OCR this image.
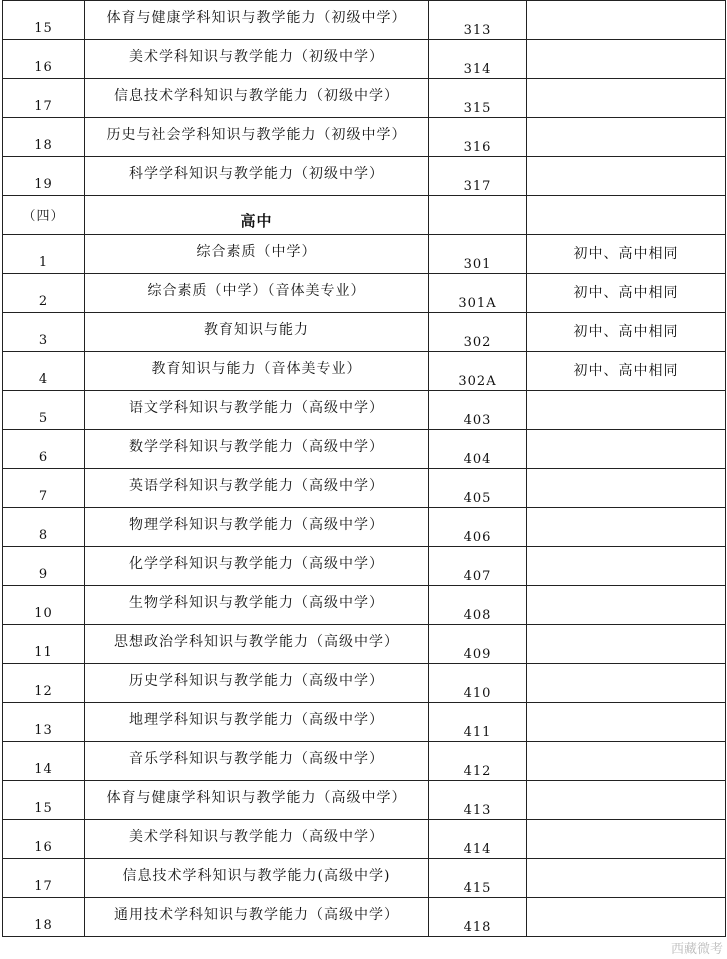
15	体育与健康学科知识与教学能力（初级中学）	313	

16	美术学科知识与教学能力（初级中学）	314	

17	信息技术学科知识与教学能力（初级中学）	315	

18	历史与社会学科知识与教学能力（初级中学）	316	

19	科学学科知识与教学能力（初级中学）	317	

（四）	高中		

1	综合素质（中学）	301	初中、高中相同

2	综合素质（中学）（音体美专业）	301A	初中、高中相同

3	教育知识与能力	302	初中、高中相同

4	教育知识与能力（音体美专业）	302A	初中、高中相同

5	语文学科知识与教学能力（高级中学）	403	

6	数学学科知识与教学能力（高级中学）	404	

7	英语学科知识与教学能力（高级中学）	405	

8	物理学科知识与教学能力（高级中学）	406	

9	化学学科知识与教学能力（高级中学）	407	

10	生物学科知识与教学能力（高级中学）	408	

11	思想政治学科知识与教学能力（高级中学）	409	

12	历史学科知识与教学能力（高级中学）	410	

13	地理学科知识与教学能力（高级中学）	411	

14	音乐学科知识与教学能力（高级中学）	412	

15	体育与健康学科知识与教学能力（高级中学）	413	

16	美术学科知识与教学能力（高级中学）	414	

17	信息技术学科知识与教学能力(高级中学)	415	

18	通用技术学科知识与教学能力（高级中学）	418	

西藏微考
